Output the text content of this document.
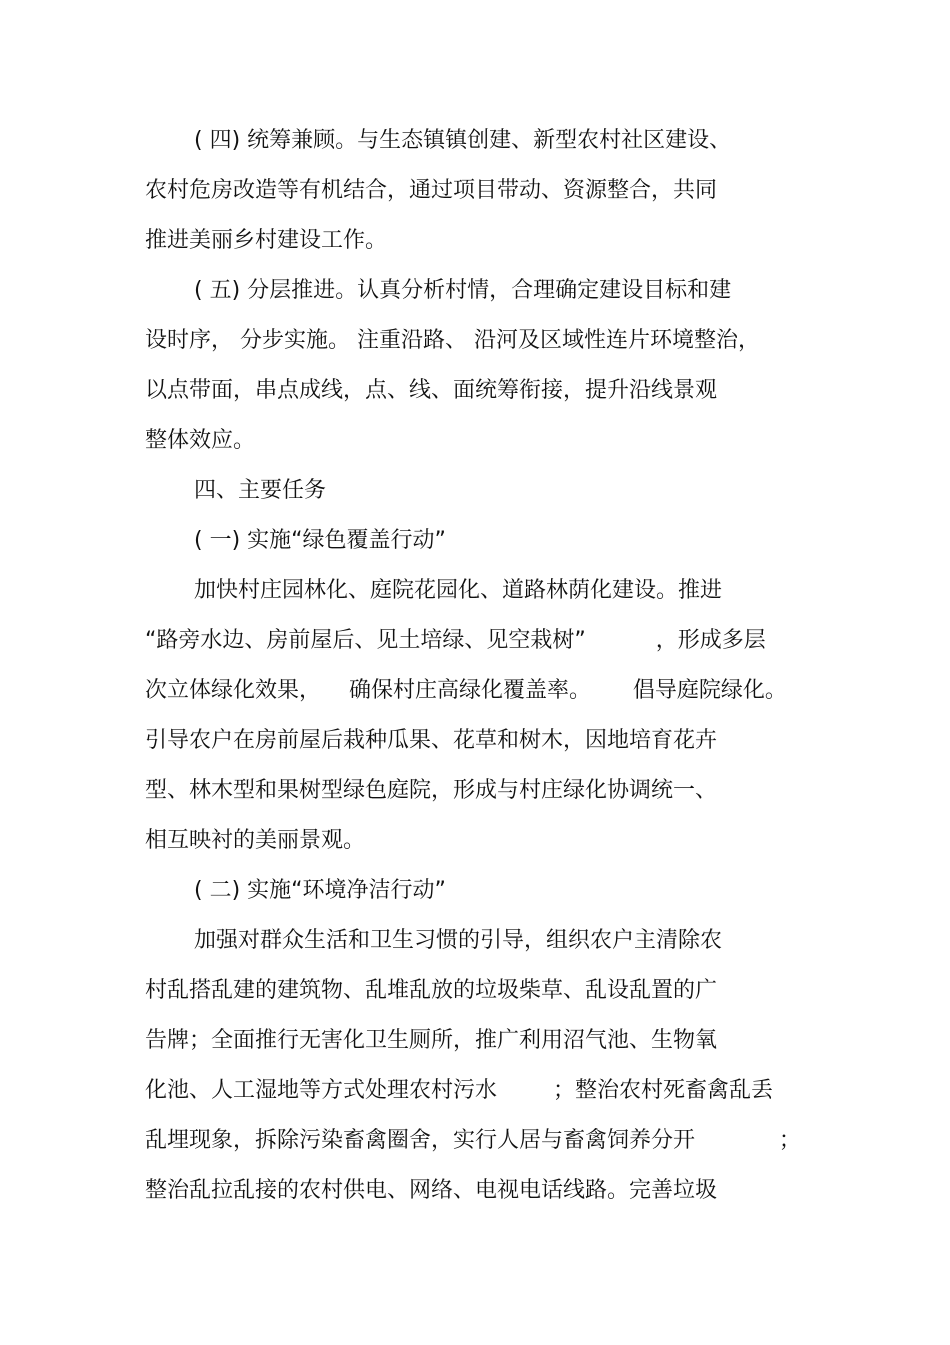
( 四) 统筹兼顾。与生态镇镇创建、新型农村社区建设、
农村危房改造等有机结合，通过项目带动、资源整合，共同
推进美丽乡村建设工作。
( 五) 分层推进。认真分析村情，合理确定建设目标和建
设时序， 分步实施。 注重沿路、 沿河及区域性连片环境整治，
以点带面，串点成线，点、线、面统筹衔接，提升沿线景观
整体效应。
四、主要任务
( 一) 实施“绿色覆盖行动”
加快村庄园林化、庭院花园化、道路林荫化建设。推进
“路旁水边、房前屋后、见土培绿、见空栽树”          ，形成多层
次立体绿化效果，    确保村庄高绿化覆盖率。      倡导庭院绿化。
引导农户在房前屋后栽种瓜果、花草和树木，因地培育花卉
型、林木型和果树型绿色庭院，形成与村庄绿化协调统一、
相互映衬的美丽景观。
( 二) 实施“环境净洁行动”
加强对群众生活和卫生习惯的引导，组织农户主清除农
村乱搭乱建的建筑物、乱堆乱放的垃圾柴草、乱设乱置的广
告牌；全面推行无害化卫生厕所，推广利用沼气池、生物氧
化池、人工湿地等方式处理农村污水        ；整治农村死畜禽乱丢
乱埋现象，拆除污染畜禽圈舍，实行人居与畜禽饲养分开            ；
整治乱拉乱接的农村供电、网络、电视电话线路。完善垃圾
